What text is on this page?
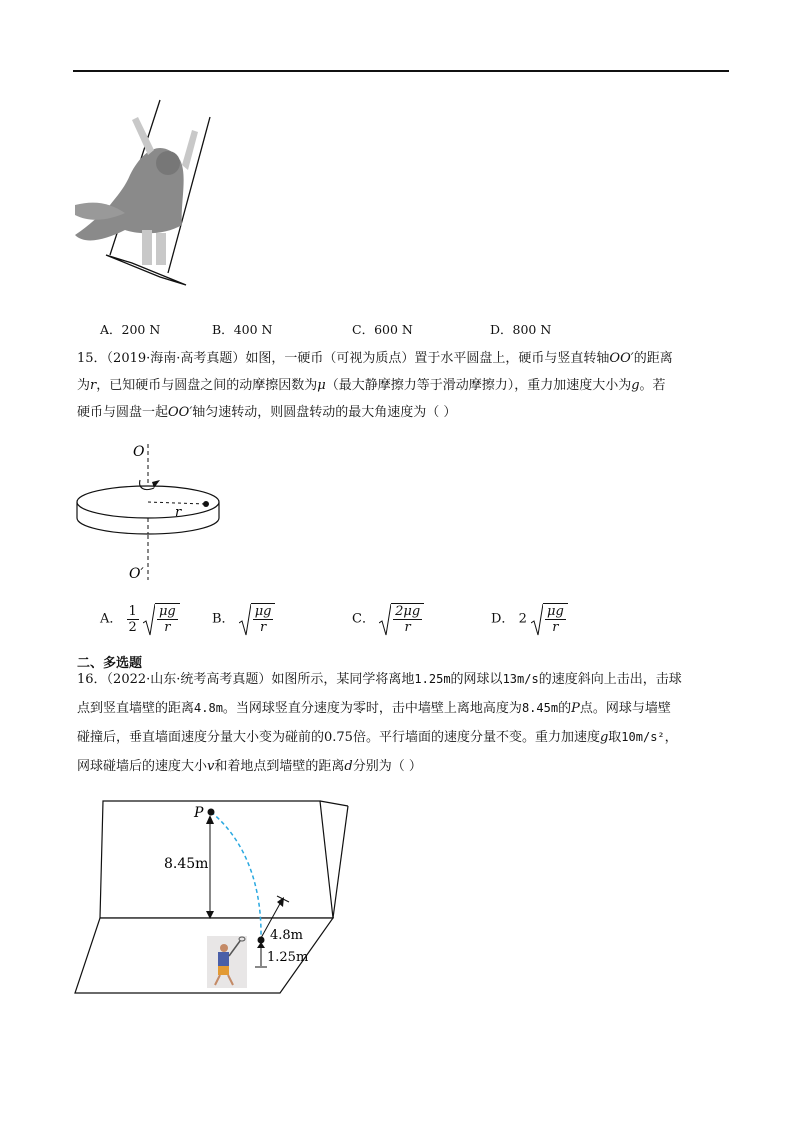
A．200 N	B．400 N	C．600 N	D．800 N
15．（2019·海南·高考真题）如图，一硬币（可视为质点）置于水平圆盘上，硬币与竖直转轴OO′的距离
为r，已知硬币与圆盘之间的动摩擦因数为μ（最大静摩擦力等于滑动摩擦力），重力加速度大小为g。若
硬币与圆盘一起OO′轴匀速转动，则圆盘转动的最大角速度为（ ）
O
r
O′
A． $\frac{1}{2}$
$\frac{\mu g}{r}$	B． $\frac{\mu g}{r}$	C． $\frac{2\mu g}{r}$	D． $2 \frac{\mu g}{r}$
二、多选题
16．（2022·山东·统考高考真题）如图所示，某同学将离地1.25m的网球以13m/s的速度斜向上击出，击球
点到竖直墙壁的距离4.8m。当网球竖直分速度为零时，击中墙壁上离地高度为8.45m的P点。网球与墙壁
碰撞后，垂直墙面速度分量大小变为碰前的0.75倍。平行墙面的速度分量不变。重力加速度g取10m/s²，
网球碰墙后的速度大小v和着地点到墙壁的距离d分别为（ ）
P
8.45m
4.8m
1.25m
